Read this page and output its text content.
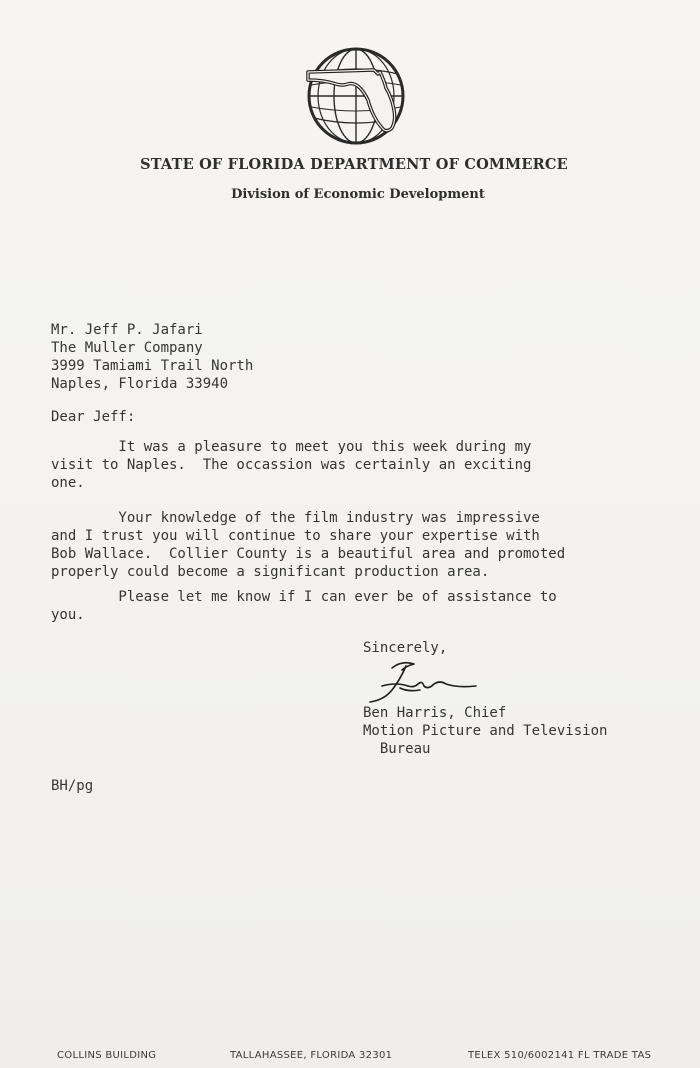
STATE OF FLORIDA DEPARTMENT OF COMMERCE
Division of Economic Development
Mr. Jeff P. Jafari
The Muller Company
3999 Tamiami Trail North
Naples, Florida 33940
Dear Jeff:
It was a pleasure to meet you this week during my
visit to Naples.  The occassion was certainly an exciting
one.
Your knowledge of the film industry was impressive
and I trust you will continue to share your expertise with
Bob Wallace.  Collier County is a beautiful area and promoted
properly could become a significant production area.
Please let me know if I can ever be of assistance to
you.
Sincerely,
Ben Harris, Chief
Motion Picture and Television
Bureau
BH/pg
COLLINS BUILDING	TALLAHASSEE, FLORIDA 32301	TELEX 510/6002141 FL TRADE TAS
